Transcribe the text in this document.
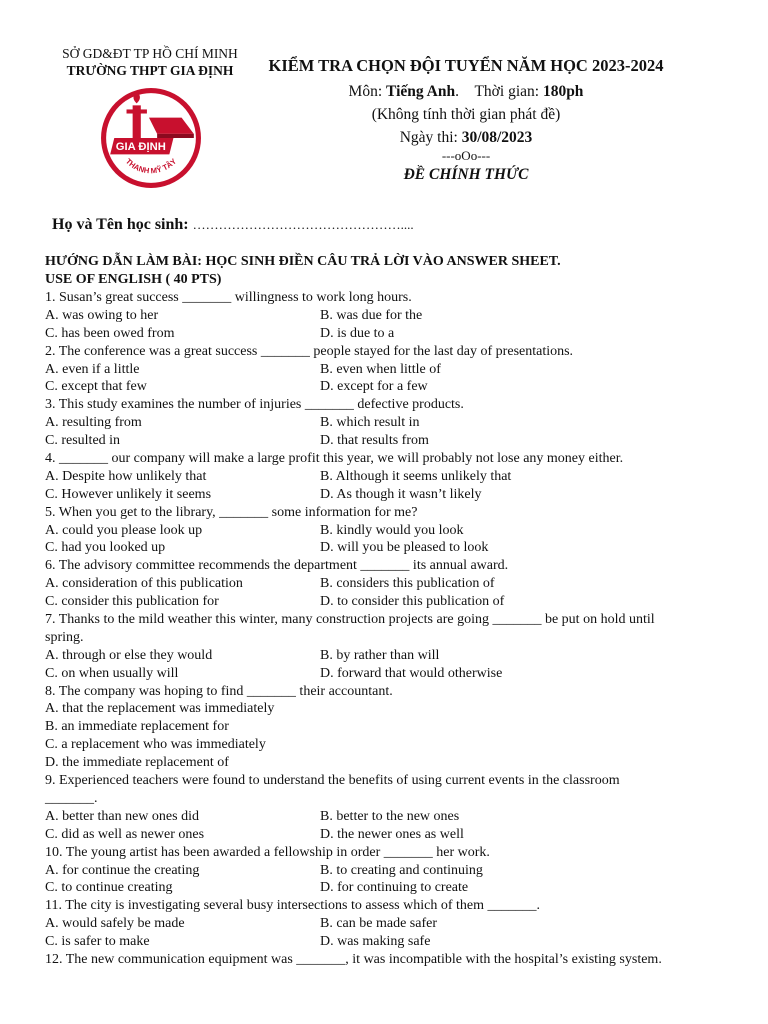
SỞ GD&ĐT TP HỒ CHÍ MINH
TRƯỜNG THPT GIA ĐỊNH
GIA ĐỊNH
THANH MỸ TÂY
KIỂM TRA CHỌN ĐỘI TUYỂN NĂM HỌC 2023-2024
Môn: Tiếng Anh.    Thời gian: 180ph
(Không tính thời gian phát đề)
Ngày thi: 30/08/2023
---oOo---
ĐỀ CHÍNH THỨC
Họ và Tên học sinh: …………………………………………....
HƯỚNG DẪN LÀM BÀI: HỌC SINH ĐIỀN CÂU TRẢ LỜI VÀO ANSWER SHEET.
USE OF ENGLISH ( 40 PTS)
1. Susan’s great success _______ willingness to work long hours.
A. was owing to her	B. was due for the
C. has been owed from	D. is due to a
2. The conference was a great success _______ people stayed for the last day of presentations.
A. even if a little	B. even when little of
C. except that few	D. except for a few
3. This study examines the number of injuries _______ defective products.
A. resulting from	B. which result in
C. resulted in	D. that results from
4. _______ our company will make a large profit this year, we will probably not lose any money either.
A. Despite how unlikely that	B. Although it seems unlikely that
C. However unlikely it seems	D. As though it wasn’t likely
5. When you get to the library, _______ some information for me?
A. could you please look up	B. kindly would you look
C. had you looked up	D. will you be pleased to look
6. The advisory committee recommends the department _______ its annual award.
A. consideration of this publication	B. considers this publication of
C. consider this publication for	D. to consider this publication of
7. Thanks to the mild weather this winter, many construction projects are going _______ be put on hold until
spring.
A. through or else they would	B. by rather than will
C. on when usually will	D. forward that would otherwise
8. The company was hoping to find _______ their accountant.
A. that the replacement was immediately
B. an immediate replacement for
C. a replacement who was immediately
D. the immediate replacement of
9. Experienced teachers were found to understand the benefits of using current events in the classroom
_______.
A. better than new ones did	B. better to the new ones
C. did as well as newer ones	D. the newer ones as well
10. The young artist has been awarded a fellowship in order _______ her work.
A. for continue the creating	B. to creating and continuing
C. to continue creating	D. for continuing to create
11. The city is investigating several busy intersections to assess which of them _______.
A. would safely be made	B. can be made safer
C. is safer to make	D. was making safe
12. The new communication equipment was _______, it was incompatible with the hospital’s existing system.
